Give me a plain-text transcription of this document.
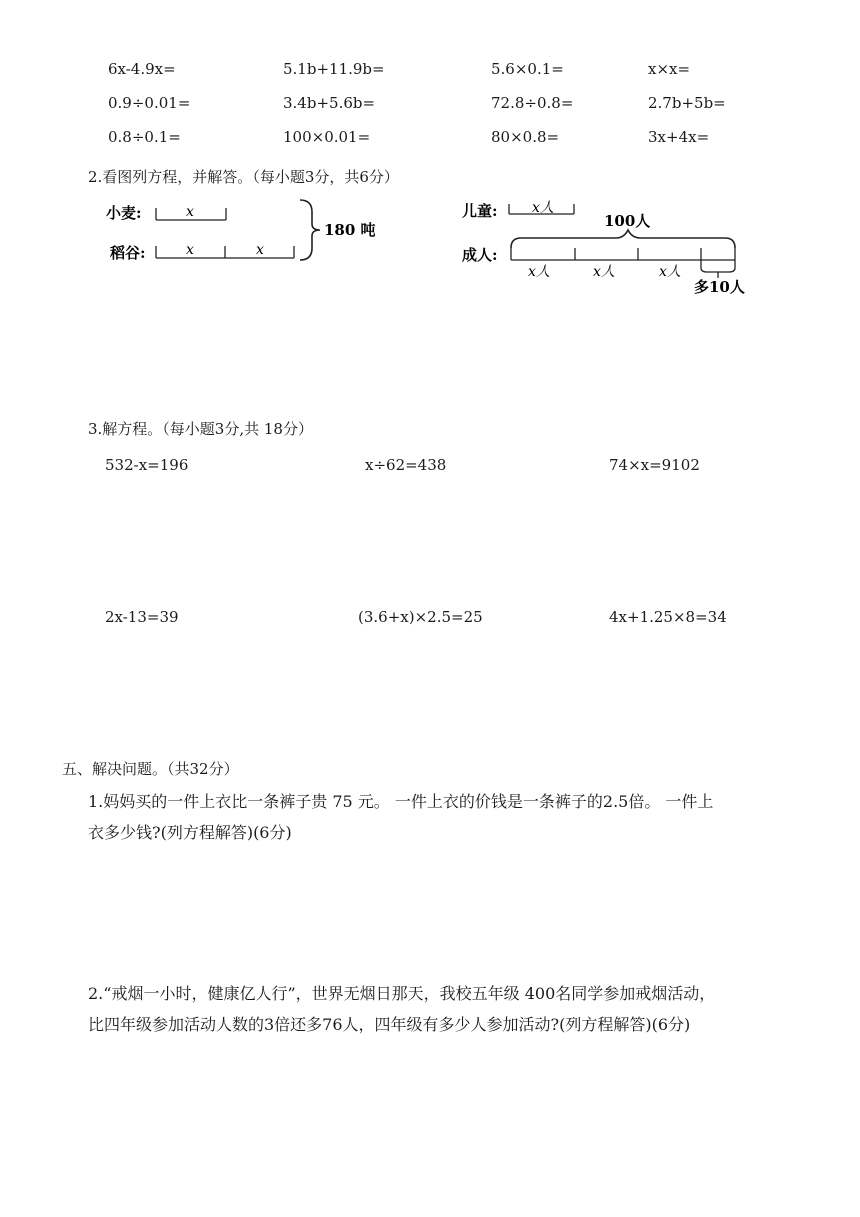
6x-4.9x=	5.1b+11.9b=	5.6×0.1=	x×x=
0.9÷0.01=	3.4b+5.6b=	72.8÷0.8=	2.7b+5b=
0.8÷0.1=	100×0.01=	80×0.8=	3x+4x=
2.看图列方程，并解答。（每小题3分，共6分）
小麦:	x
稻谷:	x	x
180 吨
儿童: x人
100人
成人:
x人	x人	x人
多10人
3.解方程。（每小题3分,共 18分）
532-x=196	x÷62=438	74×x=9102
2x-13=39	(3.6+x)×2.5=25	4x+1.25×8=34
五、解决问题。（共32分）
1.妈妈买的一件上衣比一条裤子贵 75 元。 一件上衣的价钱是一条裤子的2.5倍。 一件上
衣多少钱?(列方程解答)(6分)
2.“戒烟一小时，健康亿人行”，世界无烟日那天，我校五年级 400名同学参加戒烟活动，
比四年级参加活动人数的3倍还多76人，四年级有多少人参加活动?(列方程解答)(6分)
